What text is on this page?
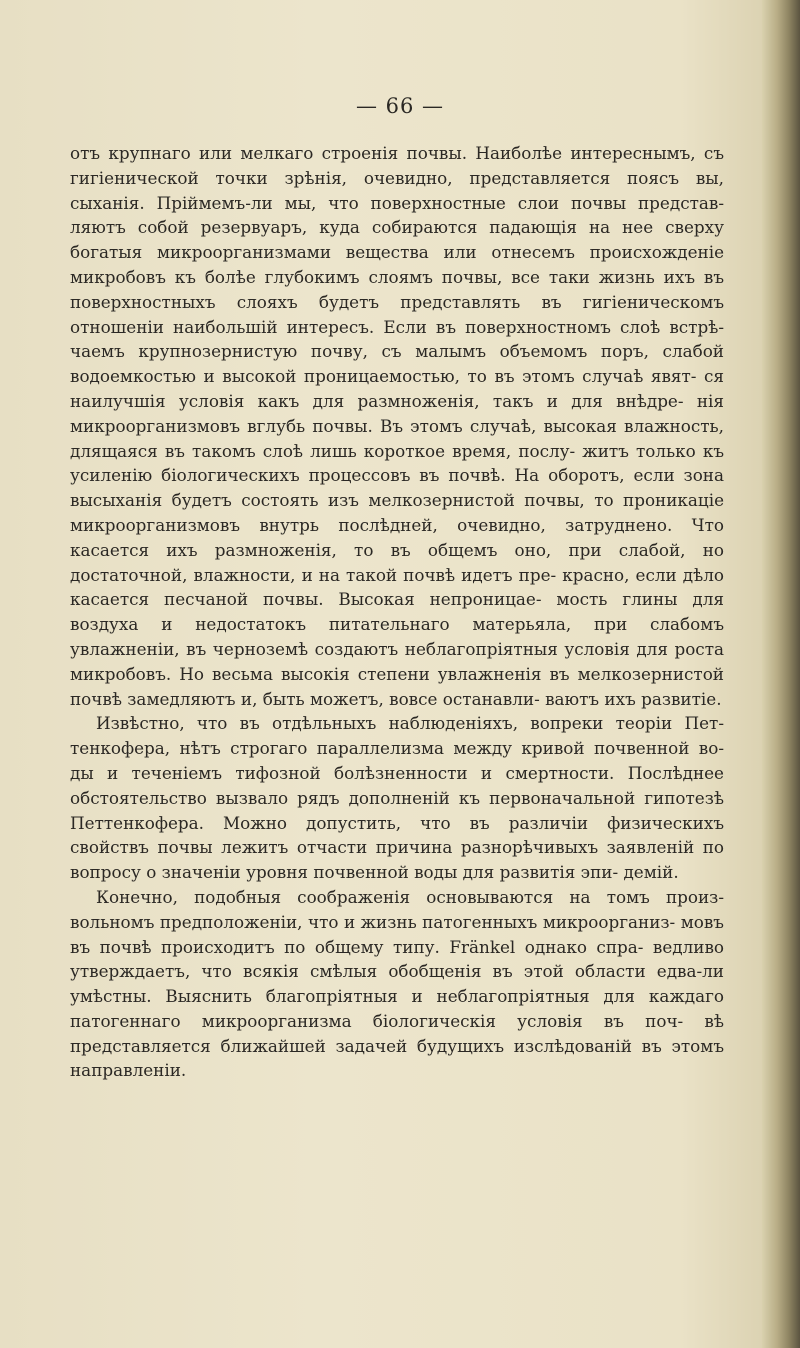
— 66 —

отъ крупнаго или мелкаго строенія почвы. Наиболѣе интереснымъ, съ гигіенической точки зрѣнія, очевидно, представляется поясъ вы, сыханія. Пріймемъ-ли мы, что поверхностные слои почвы представ- ляютъ собой резервуаръ, куда собираются падающія на нее сверху богатыя микроорганизмами вещества или отнесемъ происхожденіе микробовъ къ болѣе глубокимъ слоямъ почвы, все таки жизнь ихъ въ поверхностныхъ слояхъ будетъ представлять въ гигіеническомъ отношеніи наибольшій интересъ. Если въ поверхностномъ слоѣ встрѣ- чаемъ крупнозернистую почву, съ малымъ объемомъ поръ, слабой водоемкостью и высокой проницаемостью, то въ этомъ случаѣ явят- ся наилучшія условія какъ для размноженія, такъ и для внѣдре- нія микроорганизмовъ вглубь почвы. Въ этомъ случаѣ, высокая влажность, длящаяся въ такомъ слоѣ лишь короткое время, послу- житъ только къ усиленію біологическихъ процессовъ въ почвѣ. На оборотъ, если зона высыханія будетъ состоять изъ мелкозернистой почвы, то проникаціе микроорганизмовъ внутрь послѣдней, очевидно, затруднено. Что касается ихъ размноженія, то въ общемъ оно, при слабой, но достаточной, влажности, и на такой почвѣ идетъ пре- красно, если дѣло касается песчаной почвы. Высокая непроницае- мость глины для воздуха и недостатокъ питательнаго матерьяла, при слабомъ увлажненіи, въ черноземѣ создаютъ неблагопріятныя условія для роста микробовъ. Но весьма высокія степени увлажненія въ мелкозернистой почвѣ замедляютъ и, быть можетъ, вовсе останавли- ваютъ ихъ развитіе.

Извѣстно, что въ отдѣльныхъ наблюденіяхъ, вопреки теоріи Пет- тенкофера, нѣтъ строгаго параллелизма между кривой почвенной во- ды и теченіемъ тифозной болѣзненности и смертности. Послѣднее обстоятельство вызвало рядъ дополненій къ первоначальной гипотезѣ Петтенкофера. Можно допустить, что въ различіи физическихъ свойствъ почвы лежитъ отчасти причина разнорѣчивыхъ заявленій по вопросу о значеніи уровня почвенной воды для развитія эпи- демій.

Конечно, подобныя соображенія основываются на томъ произ- вольномъ предположеніи, что и жизнь патогенныхъ микроорганиз- мовъ въ почвѣ происходитъ по общему типу. Fränkel однако спра- ведливо утверждаетъ, что всякія смѣлыя обобщенія въ этой области едва-ли умѣстны. Выяснить благопріятныя и неблагопріятныя для каждаго патогеннаго микроорганизма біологическія условія въ поч- вѣ представляется ближайшей задачей будущихъ изслѣдованій въ этомъ направленіи.
